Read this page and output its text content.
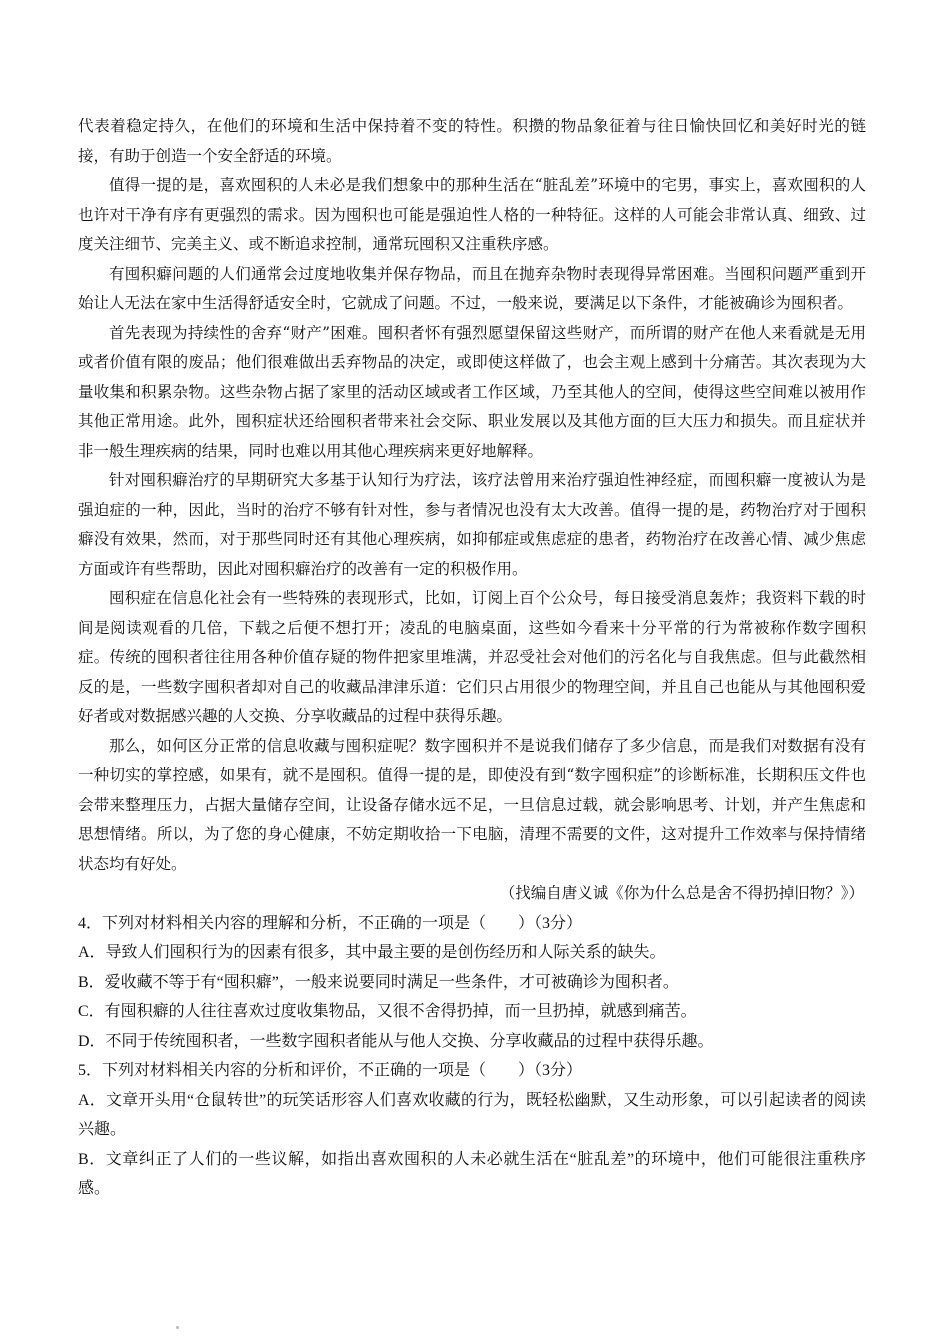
代表着稳定持久，在他们的环境和生活中保持着不变的特性。积攒的物品象征着与往日愉快回忆和美好时光的链接，有助于创造一个安全舒适的环境。

值得一提的是，喜欢囤积的人未必是我们想象中的那种生活在“脏乱差”环境中的宅男，事实上，喜欢囤积的人也许对干净有序有更强烈的需求。因为囤积也可能是强迫性人格的一种特征。这样的人可能会非常认真、细致、过度关注细节、完美主义、或不断追求控制，通常玩囤积又注重秩序感。

有囤积癖问题的人们通常会过度地收集并保存物品，而且在抛弃杂物时表现得异常困难。当囤积问题严重到开始让人无法在家中生活得舒适安全时，它就成了问题。不过，一般来说，要满足以下条件，才能被确诊为囤积者。

首先表现为持续性的舍弃“财产”困难。囤积者怀有强烈愿望保留这些财产，而所谓的财产在他人来看就是无用或者价值有限的废品；他们很难做出丢弃物品的决定，或即使这样做了，也会主观上感到十分痛苦。其次表现为大量收集和积累杂物。这些杂物占据了家里的活动区域或者工作区域，乃至其他人的空间，使得这些空间难以被用作其他正常用途。此外，囤积症状还给囤积者带来社会交际、职业发展以及其他方面的巨大压力和损失。而且症状并非一般生理疾病的结果，同时也难以用其他心理疾病来更好地解释。

针对囤积癖治疗的早期研究大多基于认知行为疗法，该疗法曾用来治疗强迫性神经症，而囤积癖一度被认为是强迫症的一种，因此，当时的治疗不够有针对性，参与者情况也没有太大改善。值得一提的是，药物治疗对于囤积癖没有效果，然而，对于那些同时还有其他心理疾病，如抑郁症或焦虑症的患者，药物治疗在改善心情、减少焦虑方面或许有些帮助，因此对囤积癖治疗的改善有一定的积极作用。

囤积症在信息化社会有一些特殊的表现形式，比如，订阅上百个公众号，每日接受消息轰炸；我资料下载的时间是阅读观看的几倍，下载之后便不想打开；凌乱的电脑桌面，这些如今看来十分平常的行为常被称作数字囤积症。传统的囤积者往往用各种价值存疑的物件把家里堆满，并忍受社会对他们的污名化与自我焦虑。但与此截然相反的是，一些数字囤积者却对自己的收藏品津津乐道：它们只占用很少的物理空间，并且自己也能从与其他囤积爱好者或对数据感兴趣的人交换、分享收藏品的过程中获得乐趣。

那么，如何区分正常的信息收藏与囤积症呢？数字囤积并不是说我们储存了多少信息，而是我们对数据有没有一种切实的掌控感，如果有，就不是囤积。值得一提的是，即使没有到“数字囤积症”的诊断标准，长期积压文件也会带来整理压力，占据大量储存空间，让设备存储水远不足，一旦信息过载，就会影响思考、计划，并产生焦虑和思想情绪。所以，为了您的身心健康，不妨定期收拾一下电脑，清理不需要的文件，这对提升工作效率与保持情绪状态均有好处。

（找编自唐义诚《你为什么总是舍不得扔掉旧物？》）

4．下列对材料相关内容的理解和分析，不正确的一项是（　　）（3分）

A．导致人们囤积行为的因素有很多，其中最主要的是创伤经历和人际关系的缺失。

B．爱收藏不等于有“囤积癖”，一般来说要同时满足一些条件，才可被确诊为囤积者。

C．有囤积癖的人往往喜欢过度收集物品，又很不舍得扔掉，而一旦扔掉，就感到痛苦。

D．不同于传统囤积者，一些数字囤积者能从与他人交换、分享收藏品的过程中获得乐趣。

5．下列对材料相关内容的分析和评价，不正确的一项是（　　）（3分）

A．文章开头用“仓鼠转世”的玩笑话形容人们喜欢收藏的行为，既轻松幽默，又生动形象，可以引起读者的阅读兴趣。

B．文章纠正了人们的一些议解，如指出喜欢囤积的人未必就生活在“脏乱差”的环境中，他们可能很注重秩序感。
